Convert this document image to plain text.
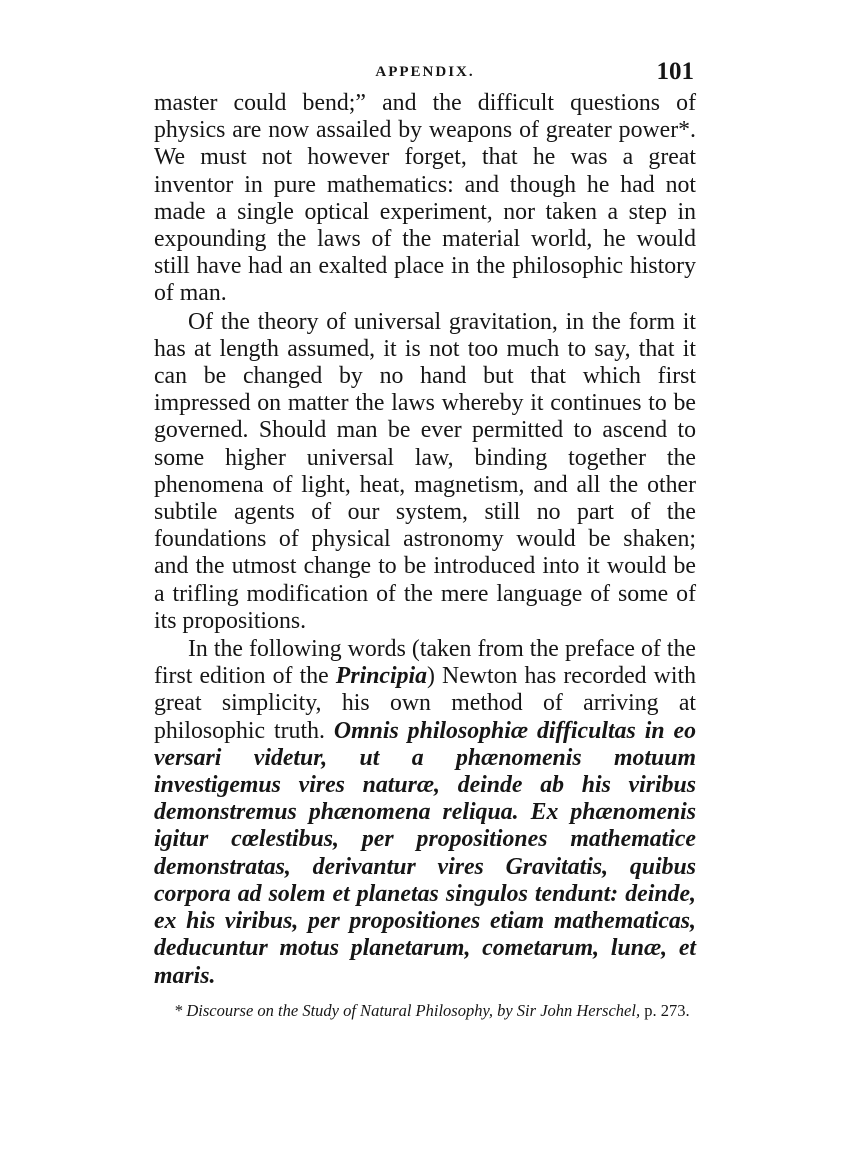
APPENDIX.	101

master could bend;” and the difficult questions of physics are now assailed by weapons of greater power*. We must not however forget, that he was a great inventor in pure mathematics: and though he had not made a single optical experiment, nor taken a step in expounding the laws of the material world, he would still have had an exalted place in the philosophic history of man.

Of the theory of universal gravitation, in the form it has at length assumed, it is not too much to say, that it can be changed by no hand but that which first impressed on matter the laws whereby it continues to be governed. Should man be ever permitted to ascend to some higher universal law, binding together the phenomena of light, heat, magnetism, and all the other subtile agents of our system, still no part of the foundations of physical astronomy would be shaken; and the utmost change to be introduced into it would be a trifling modification of the mere language of some of its propositions.

In the following words (taken from the preface of the first edition of the Principia) Newton has recorded with great simplicity, his own method of arriving at philosophic truth. Omnis philosophiæ difficultas in eo versari videtur, ut a phænomenis motuum investigemus vires naturæ, deinde ab his viribus demonstremus phænomena reliqua. Ex phænomenis igitur cœlestibus, per propositiones mathematice demonstratas, derivantur vires Gravitatis, quibus corpora ad solem et planetas singulos tendunt: deinde, ex his viribus, per propositiones etiam mathematicas, deducuntur motus planetarum, cometarum, lunæ, et maris.

* Discourse on the Study of Natural Philosophy, by Sir John Herschel, p. 273.
